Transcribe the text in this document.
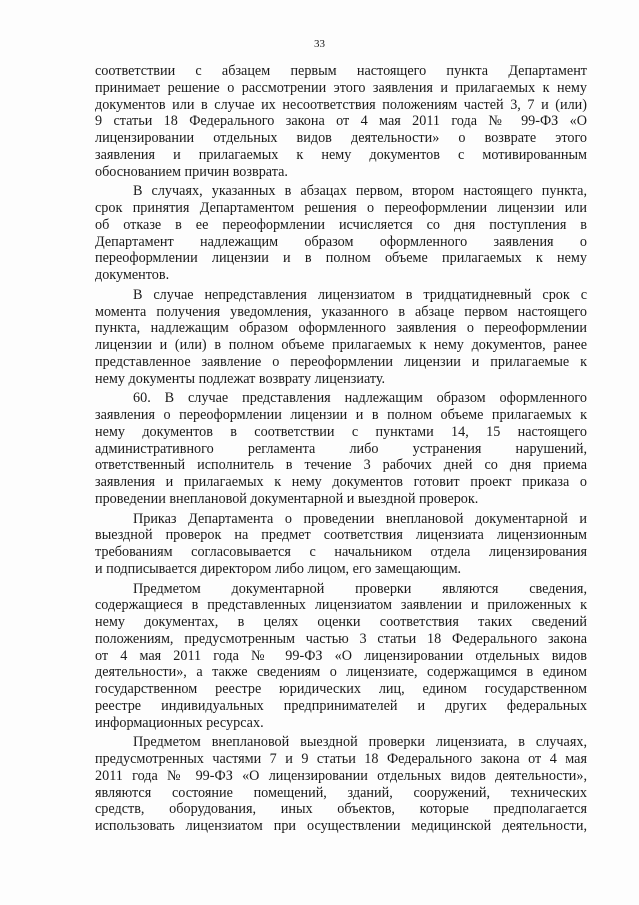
33

соответствии с абзацем первым настоящего пункта Департамент
принимает решение о рассмотрении этого заявления и прилагаемых к нему
документов или в случае их несоответствия положениям частей 3, 7 и (или)
9 статьи 18 Федерального закона от 4 мая 2011 года № 99-ФЗ «О
лицензировании отдельных видов деятельности» о возврате этого
заявления и прилагаемых к нему документов с мотивированным
обоснованием причин возврата.

В случаях, указанных в абзацах первом, втором настоящего пункта,
срок принятия Департаментом решения о переоформлении лицензии или
об отказе в ее переоформлении исчисляется со дня поступления в
Департамент надлежащим образом оформленного заявления о
переоформлении лицензии и в полном объеме прилагаемых к нему
документов.

В случае непредставления лицензиатом в тридцатидневный срок с
момента получения уведомления, указанного в абзаце первом настоящего
пункта, надлежащим образом оформленного заявления о переоформлении
лицензии и (или) в полном объеме прилагаемых к нему документов, ранее
представленное заявление о переоформлении лицензии и прилагаемые к
нему документы подлежат возврату лицензиату.

60. В случае представления надлежащим образом оформленного
заявления о переоформлении лицензии и в полном объеме прилагаемых к
нему документов в соответствии с пунктами 14, 15 настоящего
административного регламента либо устранения нарушений,
ответственный исполнитель в течение 3 рабочих дней со дня приема
заявления и прилагаемых к нему документов готовит проект приказа о
проведении внеплановой документарной и выездной проверок.

Приказ Департамента о проведении внеплановой документарной и
выездной проверок на предмет соответствия лицензиата лицензионным
требованиям согласовывается с начальником отдела лицензирования
и подписывается директором либо лицом, его замещающим.

Предметом документарной проверки являются сведения,
содержащиеся в представленных лицензиатом заявлении и приложенных к
нему документах, в целях оценки соответствия таких сведений
положениям, предусмотренным частью 3 статьи 18 Федерального закона
от 4 мая 2011 года № 99-ФЗ «О лицензировании отдельных видов
деятельности», а также сведениям о лицензиате, содержащимся в едином
государственном реестре юридических лиц, едином государственном
реестре индивидуальных предпринимателей и других федеральных
информационных ресурсах.

Предметом внеплановой выездной проверки лицензиата, в случаях,
предусмотренных частями 7 и 9 статьи 18 Федерального закона от 4 мая
2011 года № 99-ФЗ «О лицензировании отдельных видов деятельности»,
являются состояние помещений, зданий, сооружений, технических
средств, оборудования, иных объектов, которые предполагается
использовать лицензиатом при осуществлении медицинской деятельности,
